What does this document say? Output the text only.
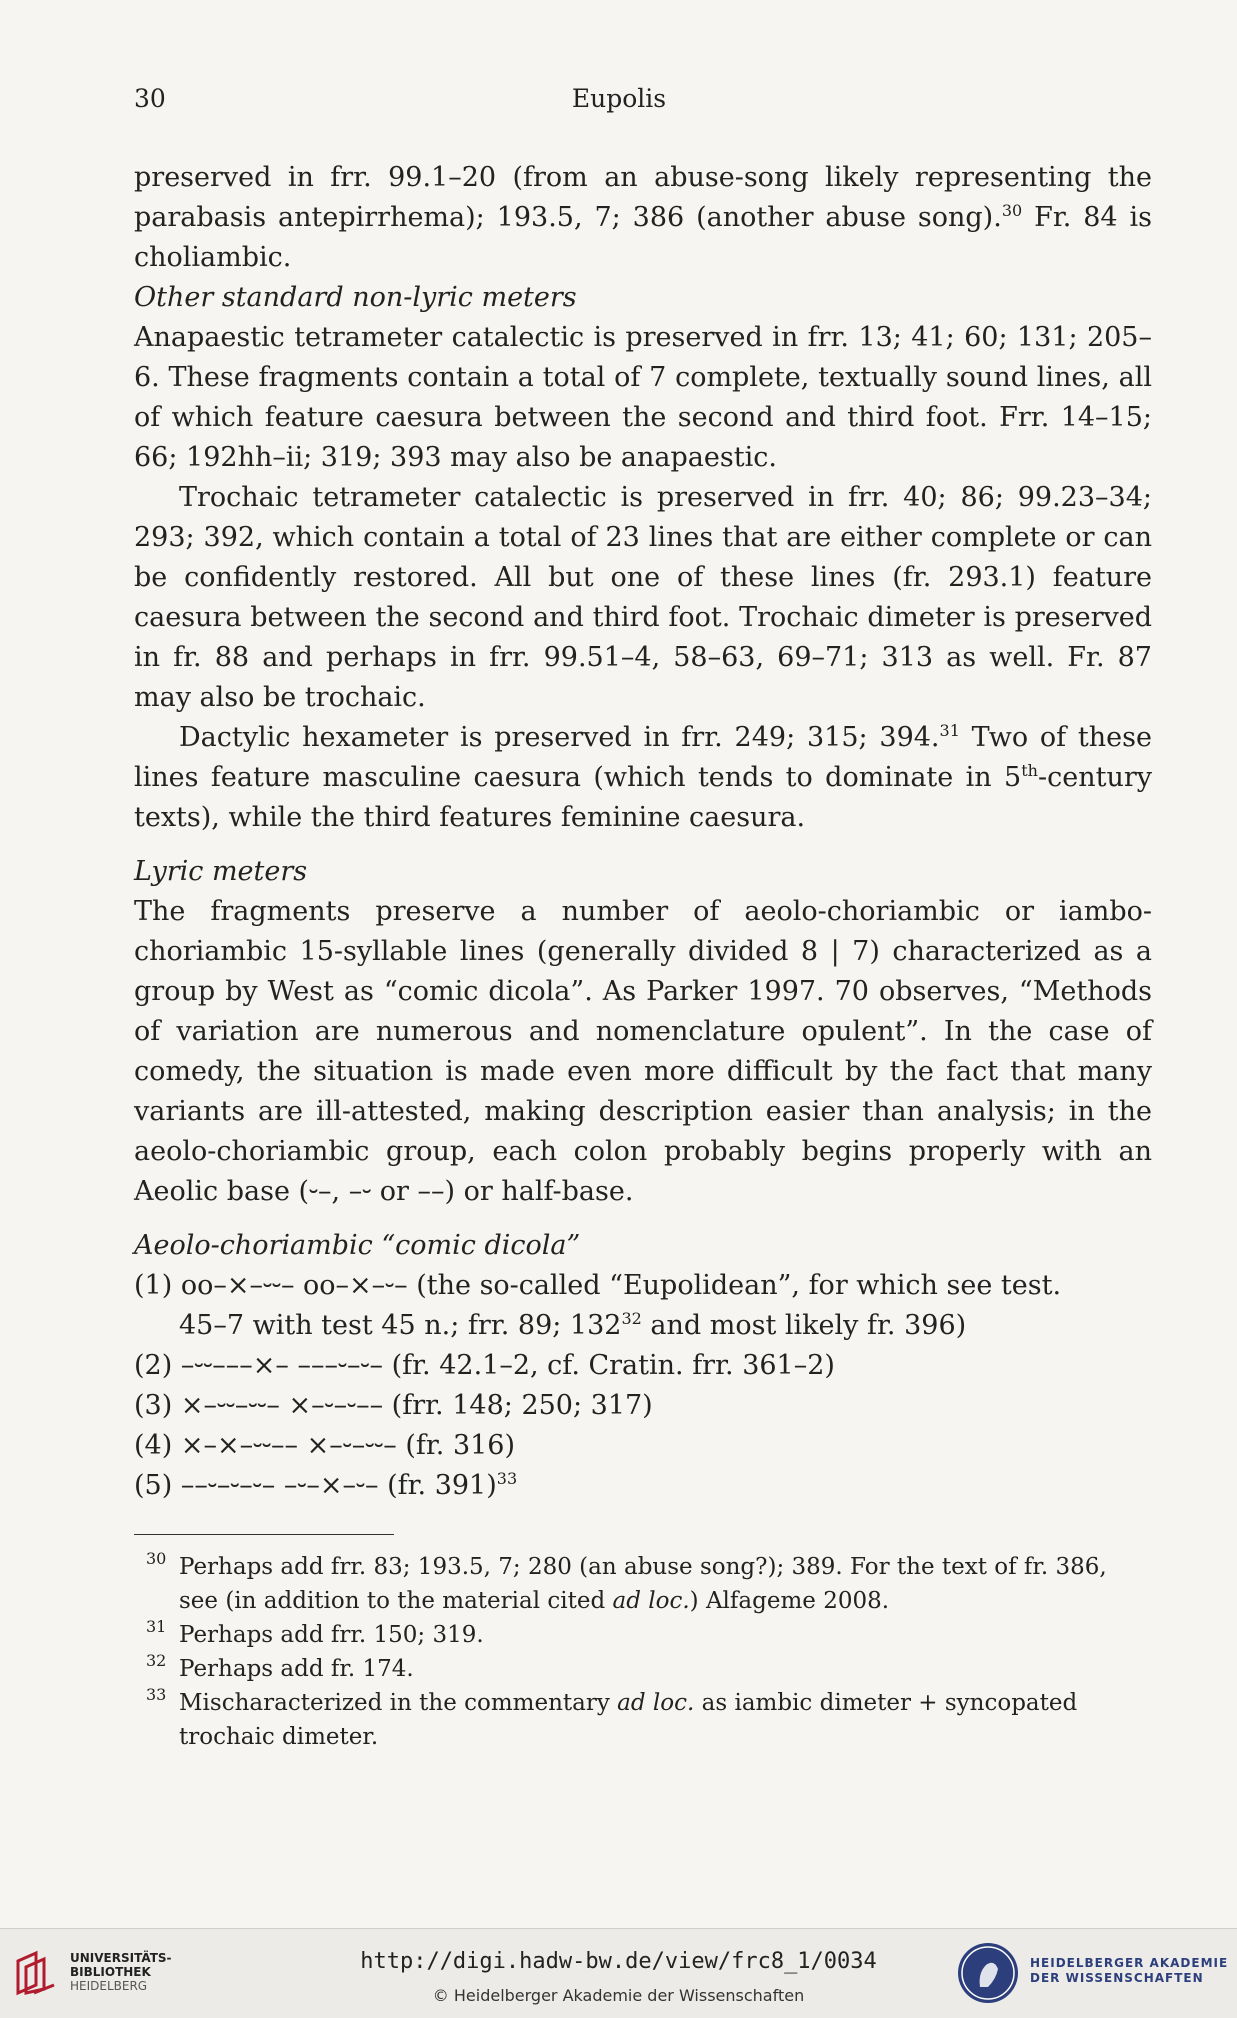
30	Eupolis

preserved in frr. 99.1–20 (from an abuse-song likely representing the parabasis antepirrhema); 193.5, 7; 386 (another abuse song).$^{30}$ Fr. 84 is choliambic.

Other standard non-lyric meters

Anapaestic tetrameter catalectic is preserved in frr. 13; 41; 60; 131; 205–6. These fragments contain a total of 7 complete, textually sound lines, all of which feature caesura between the second and third foot. Frr. 14–15; 66; 192hh–ii; 319; 393 may also be anapaestic.

Trochaic tetrameter catalectic is preserved in frr. 40; 86; 99.23–34; 293; 392, which contain a total of 23 lines that are either complete or can be confidently restored. All but one of these lines (fr. 293.1) feature caesura between the second and third foot. Trochaic dimeter is preserved in fr. 88 and perhaps in frr. 99.51–4, 58–63, 69–71; 313 as well. Fr. 87 may also be trochaic.

Dactylic hexameter is preserved in frr. 249; 315; 394.31 Two of these lines feature masculine caesura (which tends to dominate in 5th-century texts), while the third features feminine caesura.

Lyric meters

The fragments preserve a number of aeolo-choriambic or iambo-choriambic 15-syllable lines (generally divided 8 | 7) characterized as a group by West as “comic dicola”. As Parker 1997. 70 observes, “Methods of variation are numerous and nomenclature opulent”. In the case of comedy, the situation is made even more difficult by the fact that many variants are ill-attested, making description easier than analysis; in the aeolo-choriambic group, each colon probably begins properly with an Aeolic base (⏑–, –⏑ or ––) or half-base.

Aeolo-choriambic “comic dicola”

(1) oo–×–⏑⏑– oo–×–⏑– (the so-called “Eupolidean”, for which see test.

45–7 with test 45 n.; frr. 89; $132^{32}$ and most likely fr. 396)

(2) –⏑⏑–––×– –––⏑–⏑– (fr. 42.1–2, cf. Cratin. frr. 361–2)

(3) ×–⏑⏑–⏑⏑– ×–⏑–⏑–– (frr. 148; 250; 317)

(4) ×–×–⏑⏑–– ×–⏑–⏑⏑– (fr. 316)

(5) ––⏑–⏑–⏑– –⏑–×–⏑– (fr. 391)$^{33}$

30 Perhaps add frr. 83; 193.5, 7; 280 (an abuse song?); 389. For the text of fr. 386, see (in addition to the material cited ad loc.) Alfageme 2008.

31 Perhaps add frr. 150; 319.

32 Perhaps add fr. 174.

33 Mischaracterized in the commentary ad loc. as iambic dimeter + syncopated trochaic dimeter.

UNIVERSITÄTS-
BIBLIOTHEK
HEIDELBERG
http://digi.hadw-bw.de/view/frc8_1/0034
© Heidelberger Akademie der Wissenschaften
HEIDELBERGER AKADEMIE
DER WISSENSCHAFTEN
